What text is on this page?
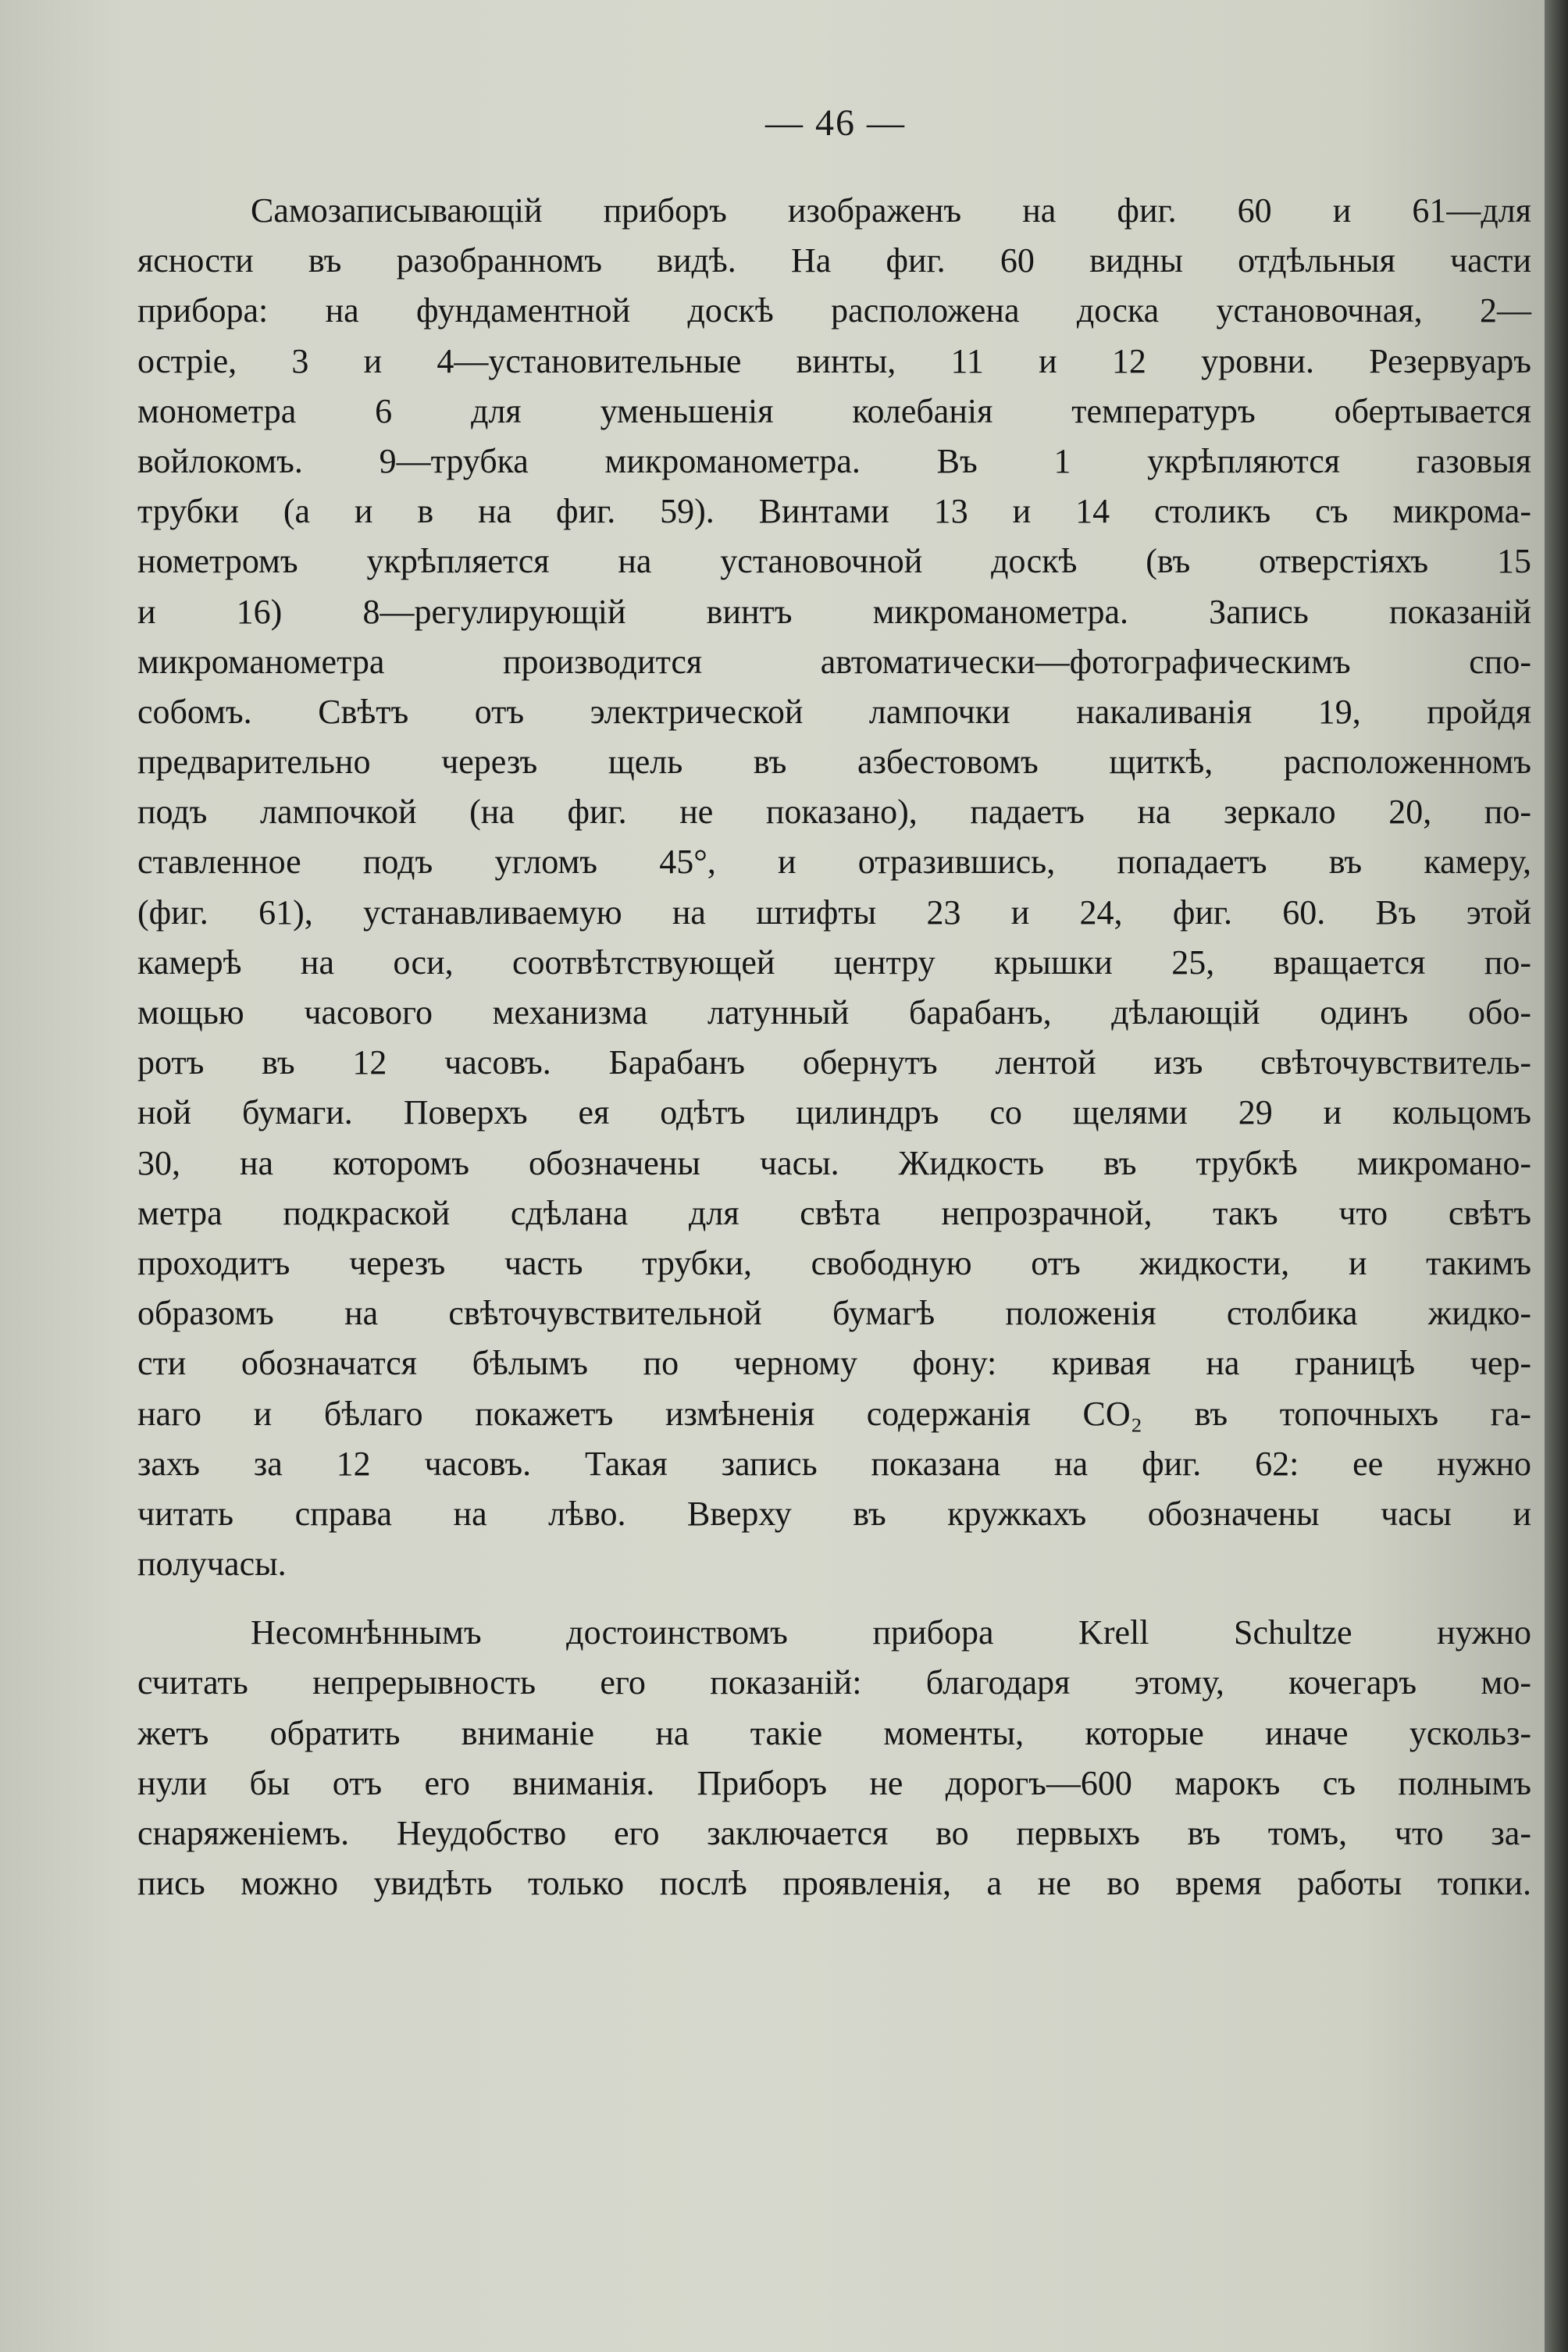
— 46 —
Самозаписывающій приборъ изображенъ на фиг. 60 и 61—для
ясности въ разобранномъ видѣ. На фиг. 60 видны отдѣльныя части
прибора: на фундаментной доскѣ расположена доска установочная, 2—
остріе, 3 и 4—установительные винты, 11 и 12 уровни. Резервуаръ
монометра 6 для уменьшенія колебанія температуръ обертывается
войлокомъ. 9—трубка микроманометра. Въ 1 укрѣпляются газовыя
трубки (а и в на фиг. 59). Винтами 13 и 14 столикъ съ микрома-
нометромъ укрѣпляется на установочной доскѣ (въ отверстіяхъ 15
и 16) 8—регулирующій винтъ микроманометра. Запись показаній
микроманометра производится автоматически—фотографическимъ спо-
собомъ. Свѣтъ отъ электрической лампочки накаливанія 19, пройдя
предварительно черезъ щель въ азбестовомъ щиткѣ, расположенномъ
подъ лампочкой (на фиг. не показано), падаетъ на зеркало 20, по-
ставленное подъ угломъ 45°, и отразившись, попадаетъ въ камеру,
(фиг. 61), устанавливаемую на штифты 23 и 24, фиг. 60. Въ этой
камерѣ на оси, соотвѣтствующей центру крышки 25, вращается по-
мощью часового механизма латунный барабанъ, дѣлающій одинъ обо-
ротъ въ 12 часовъ. Барабанъ обернутъ лентой изъ свѣточувствитель-
ной бумаги. Поверхъ ея одѣтъ цилиндръ со щелями 29 и кольцомъ
30, на которомъ обозначены часы. Жидкость въ трубкѣ микромано-
метра подкраской сдѣлана для свѣта непрозрачной, такъ что свѣтъ
проходитъ черезъ часть трубки, свободную отъ жидкости, и такимъ
образомъ на свѣточувствительной бумагѣ положенія столбика жидко-
сти обозначатся бѣлымъ по черному фону: кривая на границѣ чер-
наго и бѣлаго покажетъ измѣненія содержанія CO₂ въ топочныхъ га-
захъ за 12 часовъ. Такая запись показана на фиг. 62: ее нужно
читать справа на лѣво. Вверху въ кружкахъ обозначены часы и
получасы.
Несомнѣннымъ достоинствомъ прибора Krell Schultze нужно
считать непрерывность его показаній: благодаря этому, кочегаръ мо-
жетъ обратить вниманіе на такіе моменты, которые иначе ускольз-
нули бы отъ его вниманія. Приборъ не дорогъ—600 марокъ съ полнымъ
снаряженіемъ. Неудобство его заключается во первыхъ въ томъ, что за-
пись можно увидѣть только послѣ проявленія, а не во время работы топки.
